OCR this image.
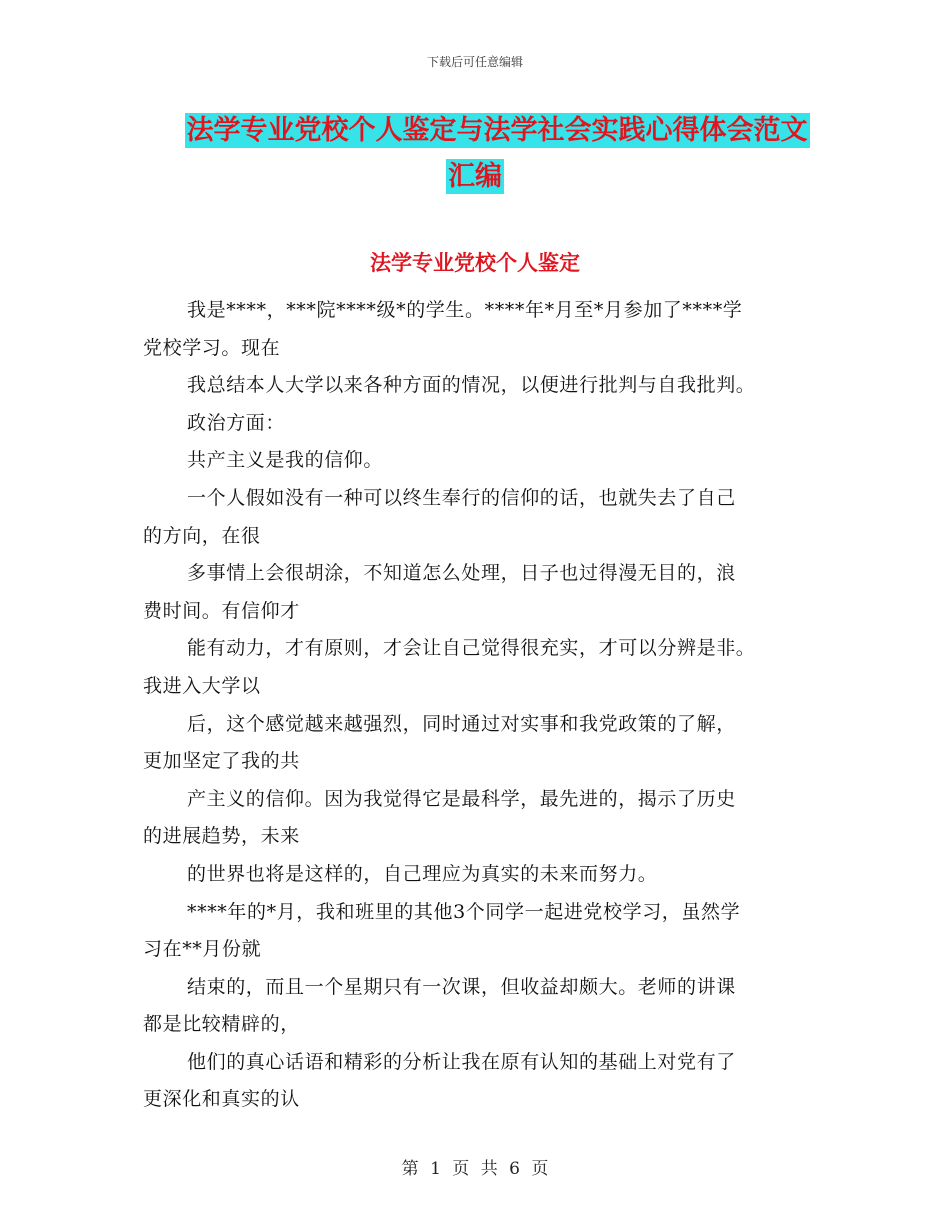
下载后可任意编辑
法学专业党校个人鉴定与法学社会实践心得体会范文
汇编
法学专业党校个人鉴定
我是****，***院****级*的学生。****年*月至*月参加了****学
党校学习。现在
我总结本人大学以来各种方面的情况，以便进行批判与自我批判。
政治方面：
共产主义是我的信仰。
一个人假如没有一种可以终生奉行的信仰的话，也就失去了自己
的方向，在很
多事情上会很胡涂，不知道怎么处理，日子也过得漫无目的，浪
费时间。有信仰才
能有动力，才有原则，才会让自己觉得很充实，才可以分辨是非。
我进入大学以
后，这个感觉越来越强烈，同时通过对实事和我党政策的了解，
更加坚定了我的共
产主义的信仰。因为我觉得它是最科学，最先进的，揭示了历史
的进展趋势，未来
的世界也将是这样的，自己理应为真实的未来而努力。
****年的*月，我和班里的其他3个同学一起进党校学习，虽然学
习在**月份就
结束的，而且一个星期只有一次课，但收益却颇大。老师的讲课
都是比较精辟的，
他们的真心话语和精彩的分析让我在原有认知的基础上对党有了
更深化和真实的认
第 1 页 共 6 页
